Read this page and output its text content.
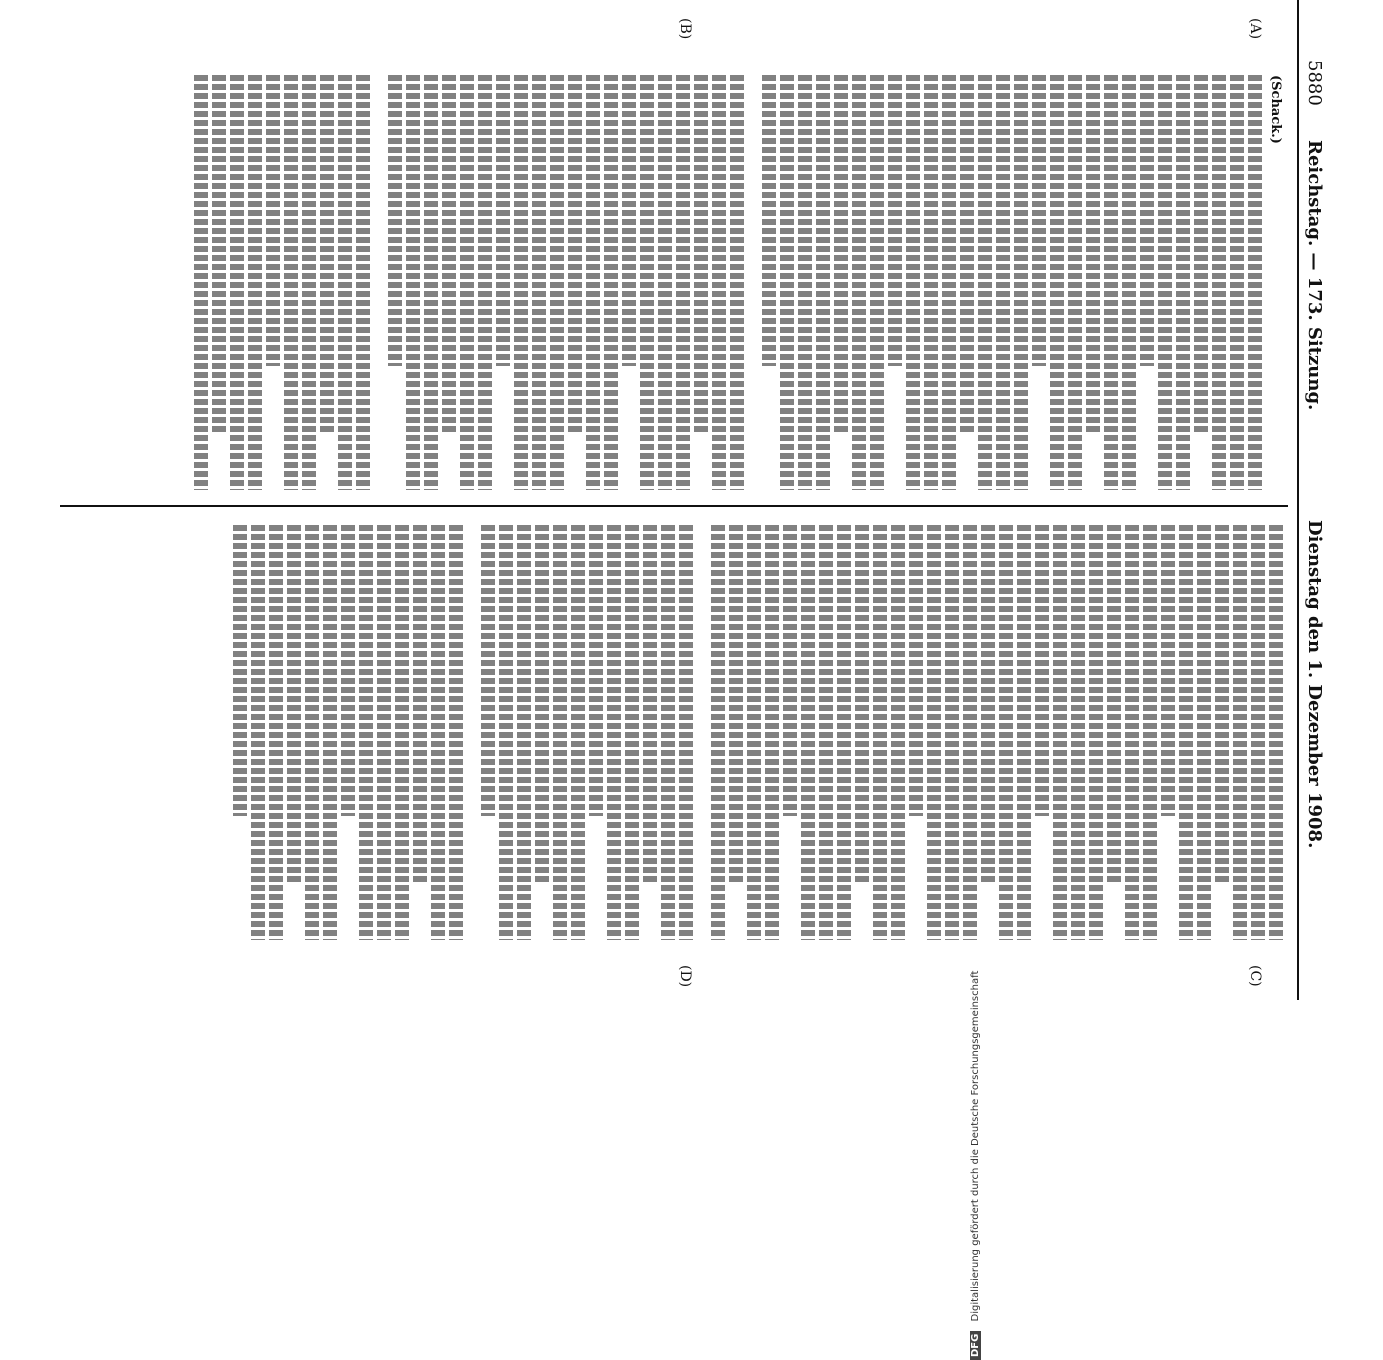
5880
Reichstag. — 173. Sitzung.
Dienstag den 1. Dezember 1908.
(A)
(B)
(C)
(D)
(Schack.)
DFG Digitalisierung gefördert durch die Deutsche Forschungsgemeinschaft
